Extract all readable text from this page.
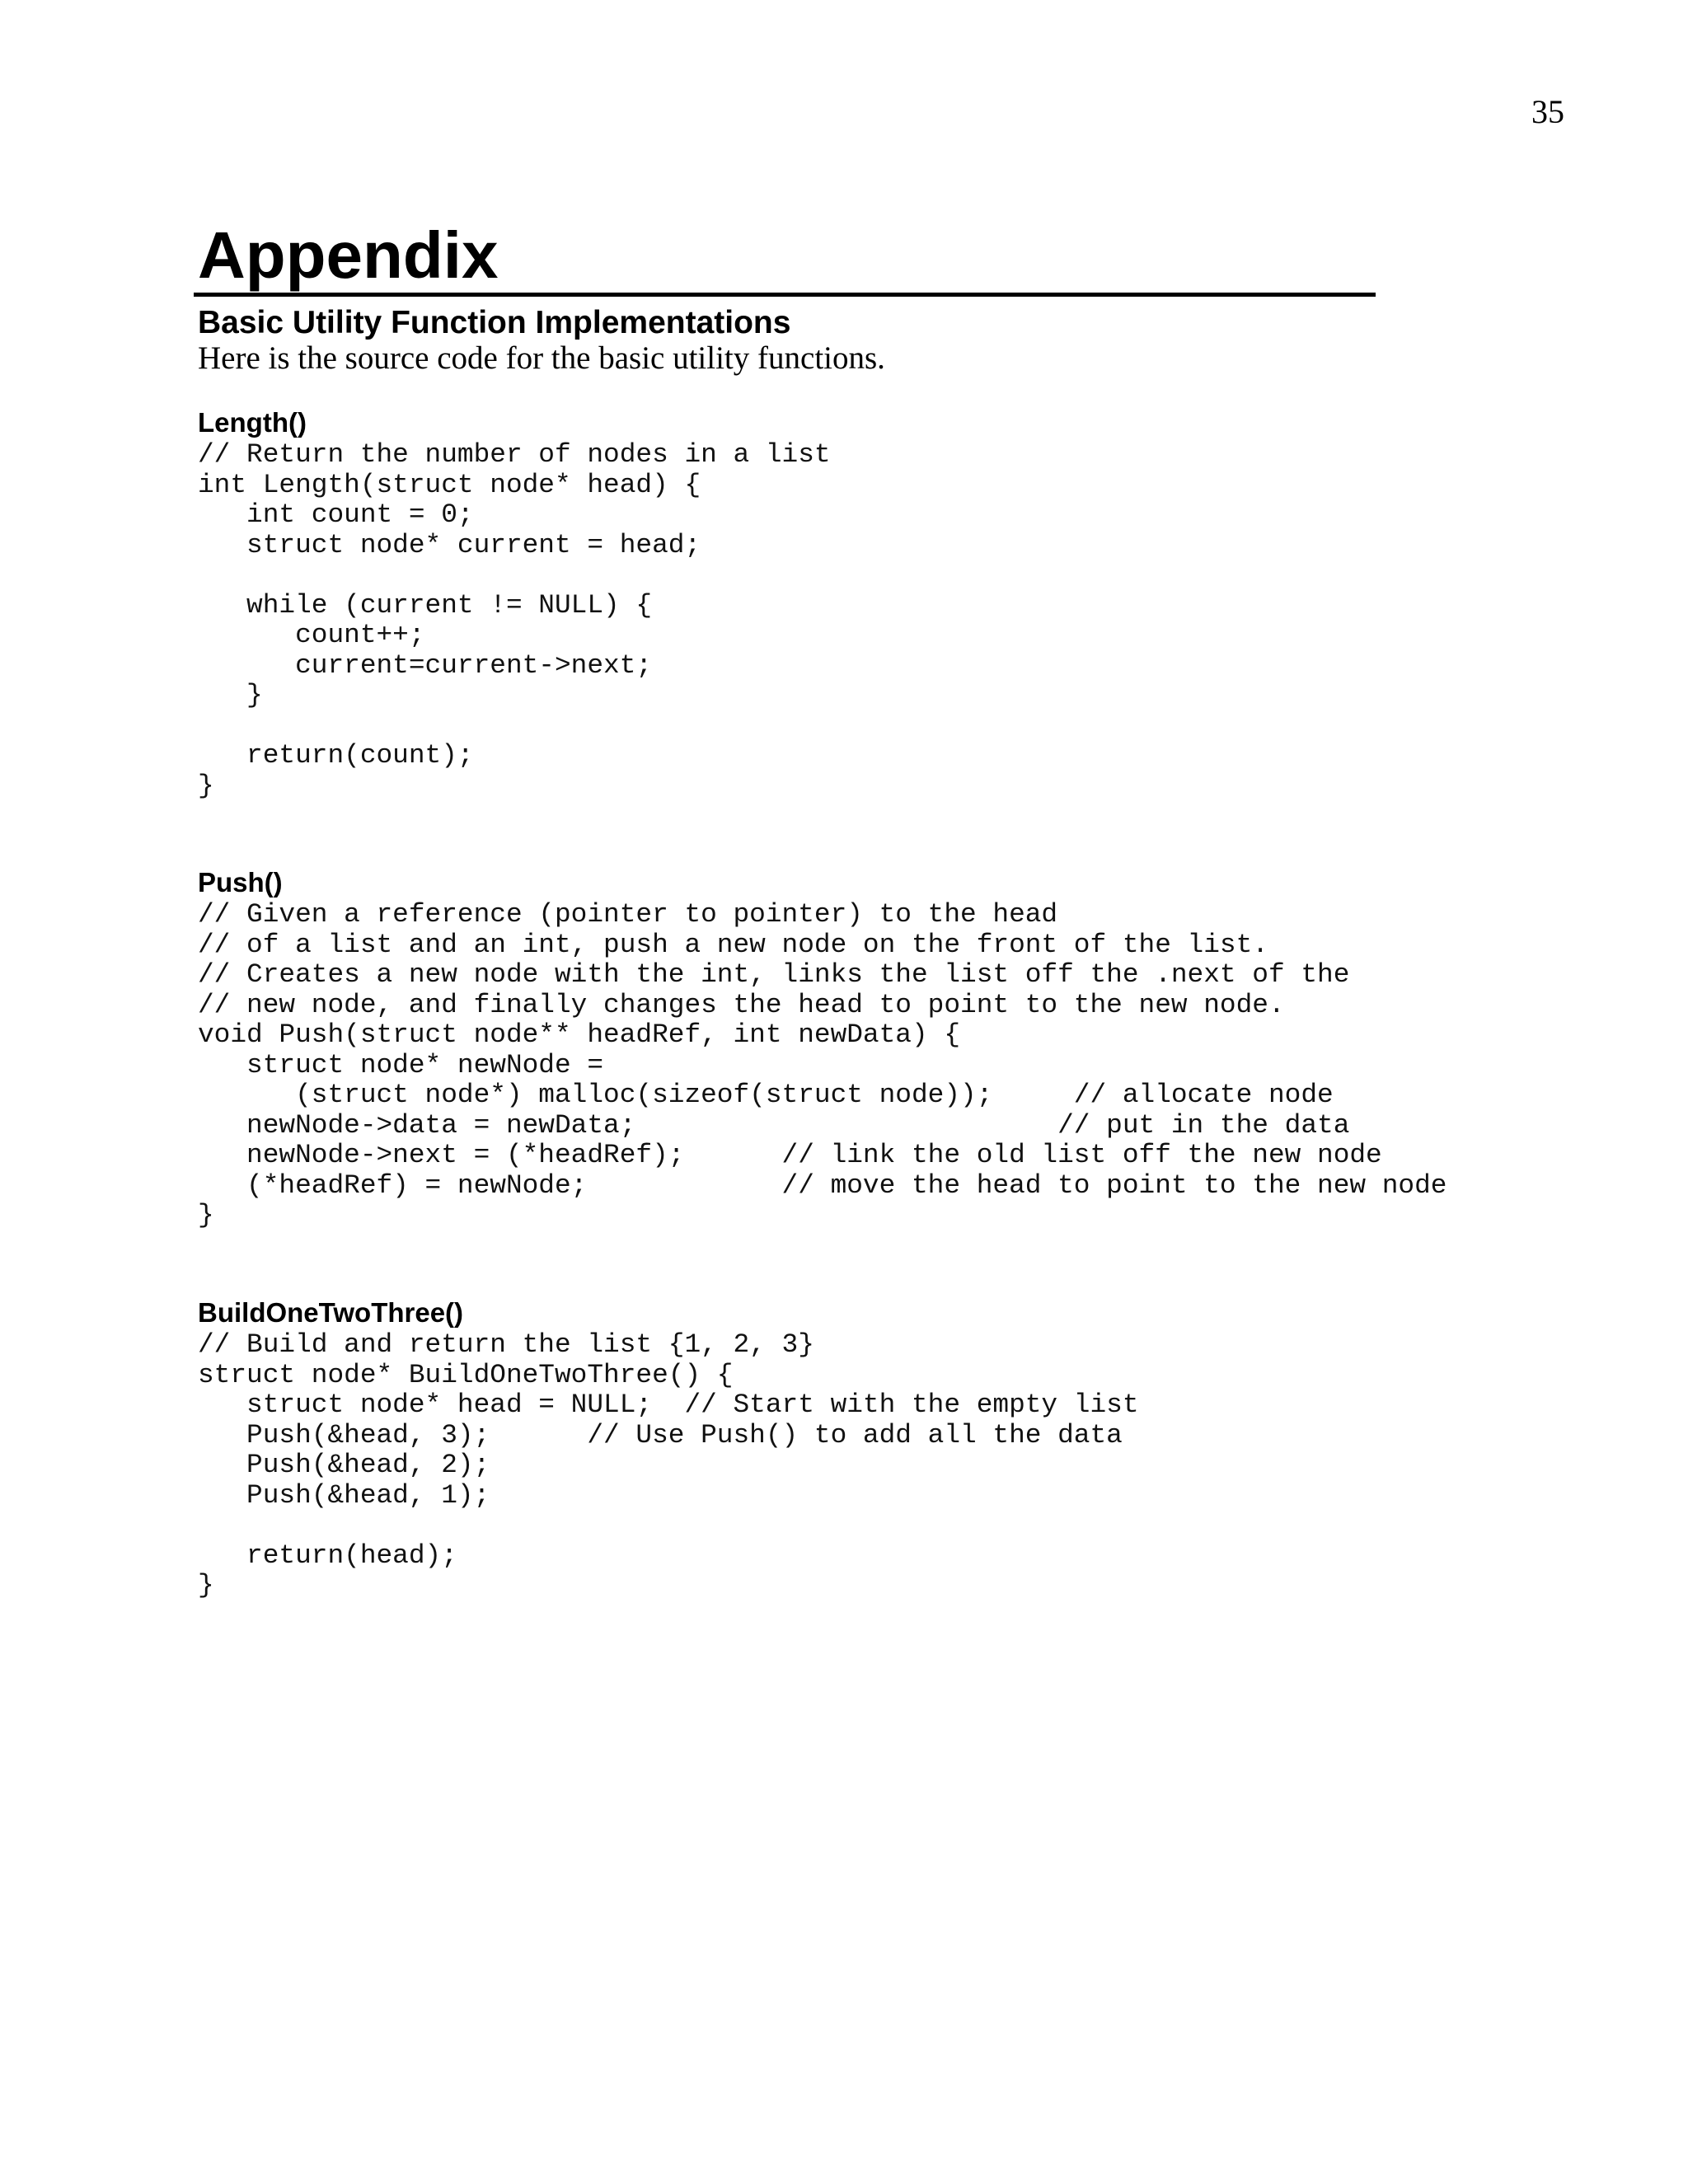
35
Appendix
Basic Utility Function Implementations

Here is the source code for the basic utility functions.

Length()
// Return the number of nodes in a list
int Length(struct node* head) {
int count = 0;
struct node* current = head;

while (current != NULL) {
count++;
current=current->next;
}

return(count);
}
Push()
// Given a reference (pointer to pointer) to the head
// of a list and an int, push a new node on the front of the list.
// Creates a new node with the int, links the list off the .next of the
// new node, and finally changes the head to point to the new node.
void Push(struct node** headRef, int newData) {
struct node* newNode =
(struct node*) malloc(sizeof(struct node));     // allocate node
newNode->data = newData;                          // put in the data
newNode->next = (*headRef);      // link the old list off the new node
(*headRef) = newNode;            // move the head to point to the new node
}
BuildOneTwoThree()
// Build and return the list {1, 2, 3}
struct node* BuildOneTwoThree() {
struct node* head = NULL;  // Start with the empty list
Push(&head, 3);      // Use Push() to add all the data
Push(&head, 2);
Push(&head, 1);

return(head);
}
